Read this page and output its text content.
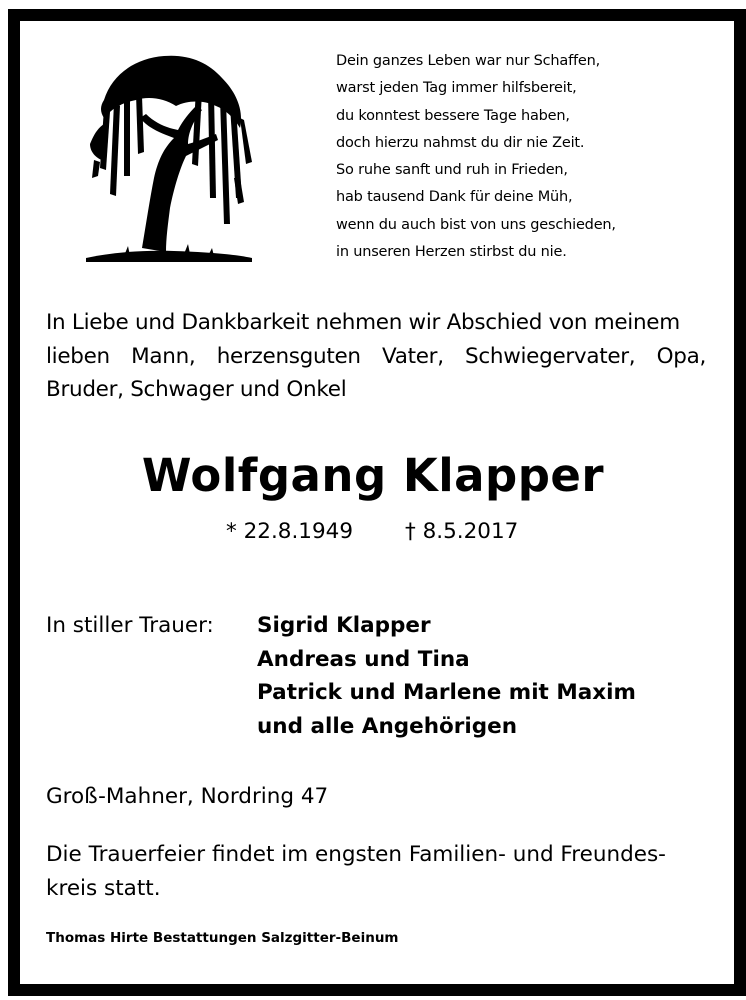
Dein ganzes Leben war nur Schaffen,
warst jeden Tag immer hilfsbereit,
du konntest bessere Tage haben,
doch hierzu nahmst du dir nie Zeit.
So ruhe sanft und ruh in Frieden,
hab tausend Dank für deine Müh,
wenn du auch bist von uns geschieden,
in unseren Herzen stirbst du nie.
In Liebe und Dankbarkeit nehmen wir Abschied von meinem
lieben Mann, herzensguten Vater, Schwiegervater, Opa,
Bruder, Schwager und Onkel
Wolfgang Klapper
* 22.8.1949 † 8.5.2017
In stiller Trauer: Sigrid Klapper
Andreas und Tina
Patrick und Marlene mit Maxim
und alle Angehörigen
Groß-Mahner, Nordring 47
Die Trauerfeier findet im engsten Familien- und Freundes-
kreis statt.
Thomas Hirte Bestattungen Salzgitter-Beinum
